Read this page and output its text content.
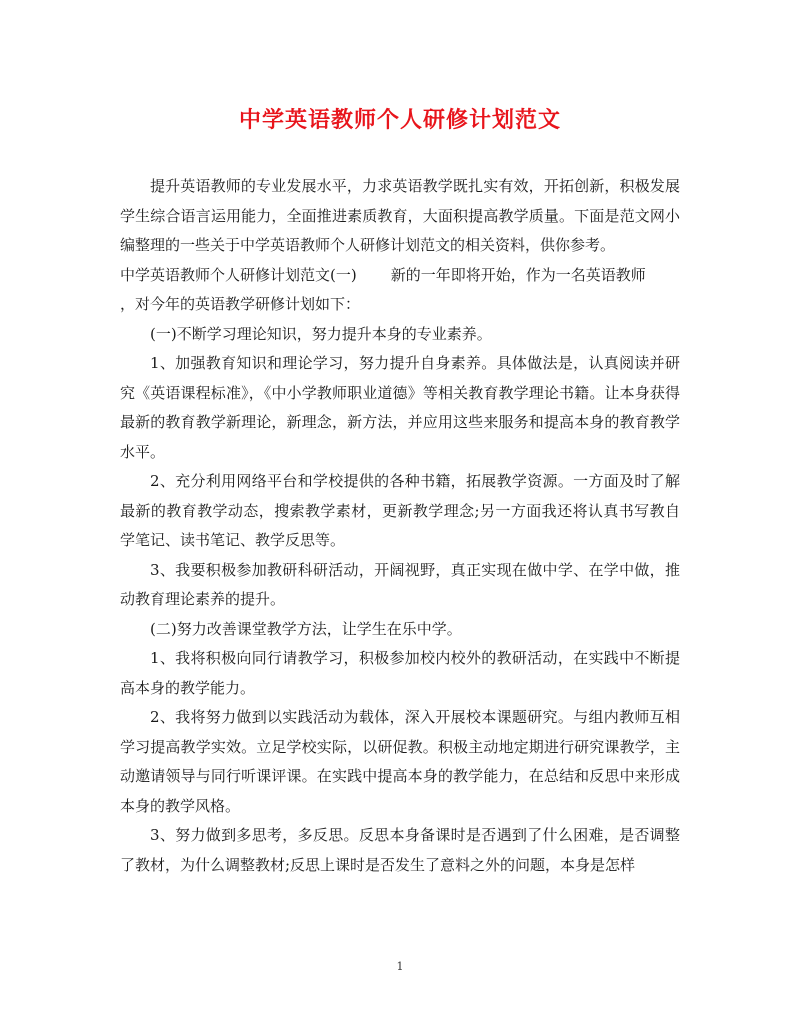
中学英语教师个人研修计划范文

提升英语教师的专业发展水平，力求英语教学既扎实有效，开拓创新，积极发展学生综合语言运用能力，全面推进素质教育，大面积提高教学质量。下面是范文网小编整理的一些关于中学英语教师个人研修计划范文的相关资料，供你参考。

中学英语教师个人研修计划范文(一) 新的一年即将开始，作为一名英语教师

，对今年的英语教学研修计划如下：

(一)不断学习理论知识，努力提升本身的专业素养。

1、加强教育知识和理论学习，努力提升自身素养。具体做法是，认真阅读并研究《英语课程标准》，《中小学教师职业道德》等相关教育教学理论书籍。让本身获得最新的教育教学新理论，新理念，新方法，并应用这些来服务和提高本身的教育教学水平。

2、充分利用网络平台和学校提供的各种书籍，拓展教学资源。一方面及时了解最新的教育教学动态，搜索教学素材，更新教学理念;另一方面我还将认真书写教自学笔记、读书笔记、教学反思等。

3、我要积极参加教研科研活动，开阔视野，真正实现在做中学、在学中做，推动教育理论素养的提升。

(二)努力改善课堂教学方法，让学生在乐中学。

1、我将积极向同行请教学习，积极参加校内校外的教研活动，在实践中不断提高本身的教学能力。

2、我将努力做到以实践活动为载体，深入开展校本课题研究。与组内教师互相学习提高教学实效。立足学校实际，以研促教。积极主动地定期进行研究课教学，主动邀请领导与同行听课评课。在实践中提高本身的教学能力，在总结和反思中来形成本身的教学风格。

3、努力做到多思考，多反思。反思本身备课时是否遇到了什么困难，是否调整了教材，为什么调整教材;反思上课时是否发生了意料之外的问题，本身是怎样

1
